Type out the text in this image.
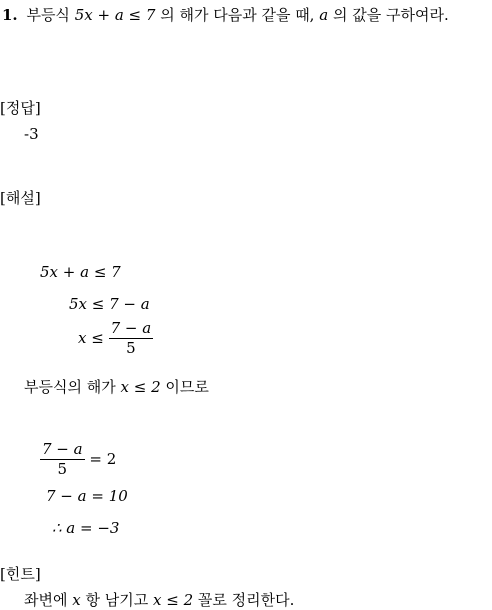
1. 부등식 5x + a ≤ 7 의 해가 다음과 같을 때, a 의 값을 구하여라.
[정답]
-3
[해설]
5x + a ≤ 7
5x ≤ 7 − a
$x \le \frac{7 - a}{5}$
부등식의 해가 x ≤ 2 이므로
$\frac{7 - a}{5} = 2$
7 − a = 10
∴ a = −3
[힌트]
좌변에 x 항 남기고 x ≤ 2 꼴로 정리한다.
